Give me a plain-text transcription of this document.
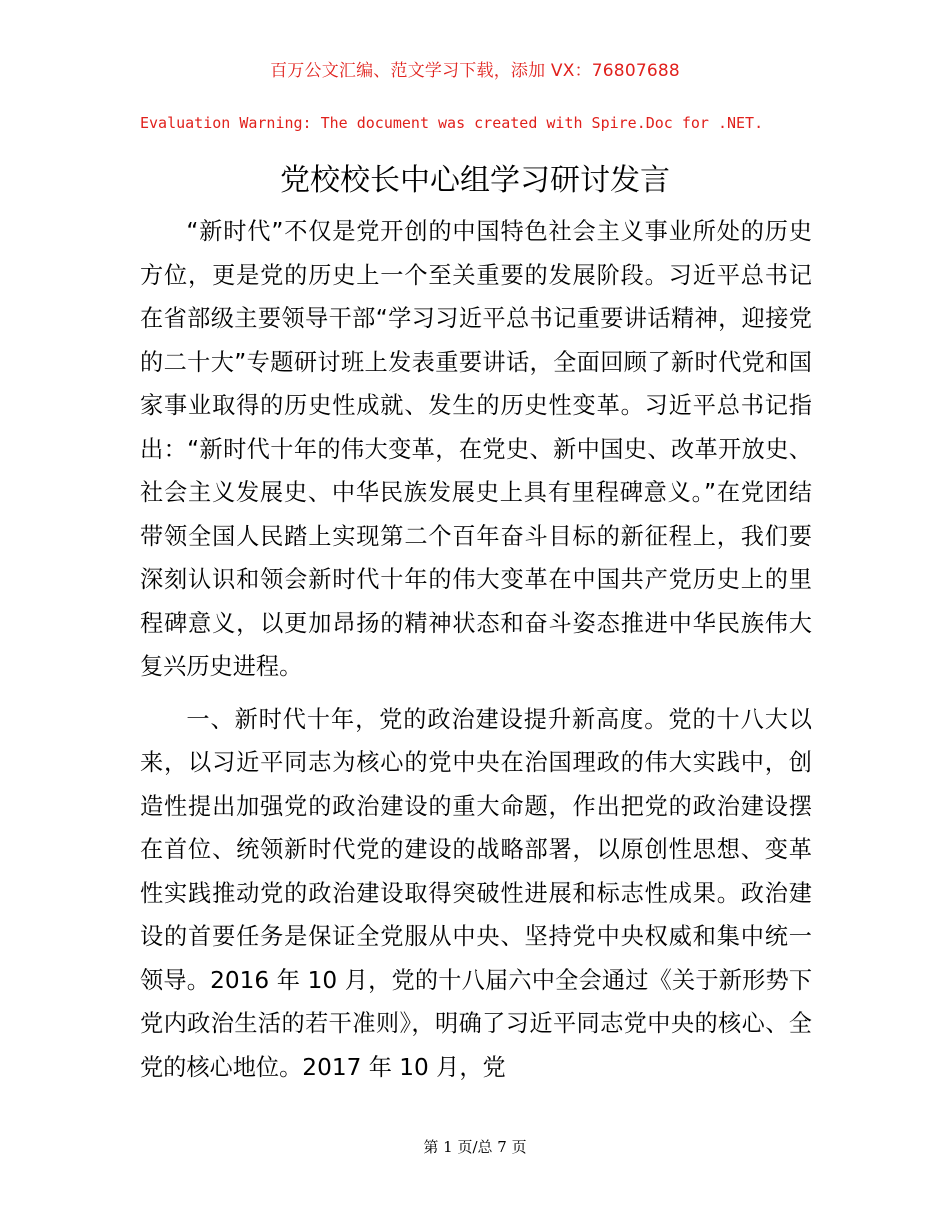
百万公文汇编、范文学习下载，添加 VX：76807688
Evaluation Warning: The document was created with Spire.Doc for .NET.
党校校长中心组学习研讨发言

“新时代”不仅是党开创的中国特色社会主义事业所处的历史方位，更是党的历史上一个至关重要的发展阶段。习近平总书记在省部级主要领导干部“学习习近平总书记重要讲话精神，迎接党的二十大”专题研讨班上发表重要讲话，全面回顾了新时代党和国家事业取得的历史性成就、发生的历史性变革。习近平总书记指出：“新时代十年的伟大变革，在党史、新中国史、改革开放史、社会主义发展史、中华民族发展史上具有里程碑意义。”在党团结带领全国人民踏上实现第二个百年奋斗目标的新征程上，我们要深刻认识和领会新时代十年的伟大变革在中国共产党历史上的里程碑意义，以更加昂扬的精神状态和奋斗姿态推进中华民族伟大复兴历史进程。

一、新时代十年，党的政治建设提升新高度。党的十八大以来，以习近平同志为核心的党中央在治国理政的伟大实践中，创造性提出加强党的政治建设的重大命题，作出把党的政治建设摆在首位、统领新时代党的建设的战略部署，以原创性思想、变革性实践推动党的政治建设取得突破性进展和标志性成果。政治建设的首要任务是保证全党服从中央、坚持党中央权威和集中统一领导。2016 年 10 月，党的十八届六中全会通过《关于新形势下党内政治生活的若干准则》，明确了习近平同志党中央的核心、全党的核心地位。2017 年 10 月，党

第 1 页/总 7 页
